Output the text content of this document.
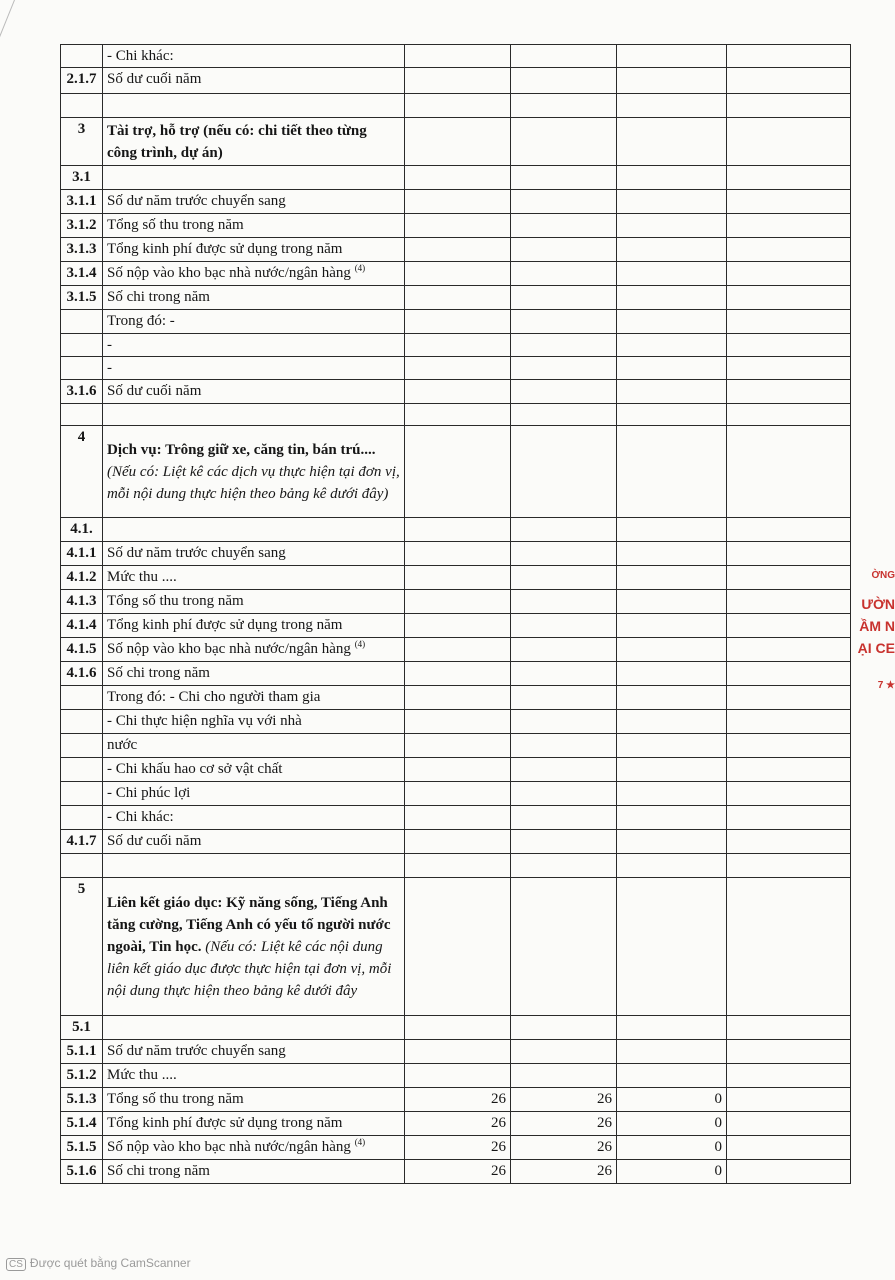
	- Chi khác:				
2.1.7	Số dư cuối năm				

3	Tài trợ, hỗ trợ (nếu có: chi tiết theo từng công trình, dự án)				
3.1					
3.1.1	Số dư năm trước chuyển sang				
3.1.2	Tổng số thu trong năm				
3.1.3	Tổng kinh phí được sử dụng trong năm				
3.1.4	Số nộp vào kho bạc nhà nước/ngân hàng $^{(4)}$				
3.1.5	Số chi trong năm				
	Trong đó: -				
	-				
	-				
3.1.6	Số dư cuối năm				

4	Dịch vụ: Trông giữ xe, căng tin, bán trú.... (Nếu có: Liệt kê các dịch vụ thực hiện tại đơn vị, mỗi nội dung thực hiện theo bảng kê dưới đây)				
4.1.					
4.1.1	Số dư năm trước chuyển sang				
4.1.2	Mức thu ....				
4.1.3	Tổng số thu trong năm				
4.1.4	Tổng kinh phí được sử dụng trong năm				
4.1.5	Số nộp vào kho bạc nhà nước/ngân hàng $^{(4)}$				
4.1.6	Số chi trong năm				
	Trong đó: - Chi cho người tham gia				
	- Chi thực hiện nghĩa vụ với nhà				
	nước				
	- Chi khấu hao cơ sở vật chất				
	- Chi phúc lợi				
	- Chi khác:				
4.1.7	Số dư cuối năm				

5	Liên kết giáo dục: Kỹ năng sống, Tiếng Anh tăng cường, Tiếng Anh có yếu tố người nước ngoài, Tin học. (Nếu có: Liệt kê các nội dung liên kết giáo dục được thực hiện tại đơn vị, mỗi nội dung thực hiện theo bảng kê dưới đây				
5.1					
5.1.1	Số dư năm trước chuyển sang				
5.1.2	Mức thu ....				
5.1.3	Tổng số thu trong năm	26	26	0	
5.1.4	Tổng kinh phí được sử dụng trong năm	26	26	0	
5.1.5	Số nộp vào kho bạc nhà nước/ngân hàng $^{(4)}$	26	26	0	
5.1.6	Số chi trong năm	26	26	0	
ỜNG
ƯỜN
ẦM N
ẠI CE
7 ★
CS Được quét bằng CamScanner
